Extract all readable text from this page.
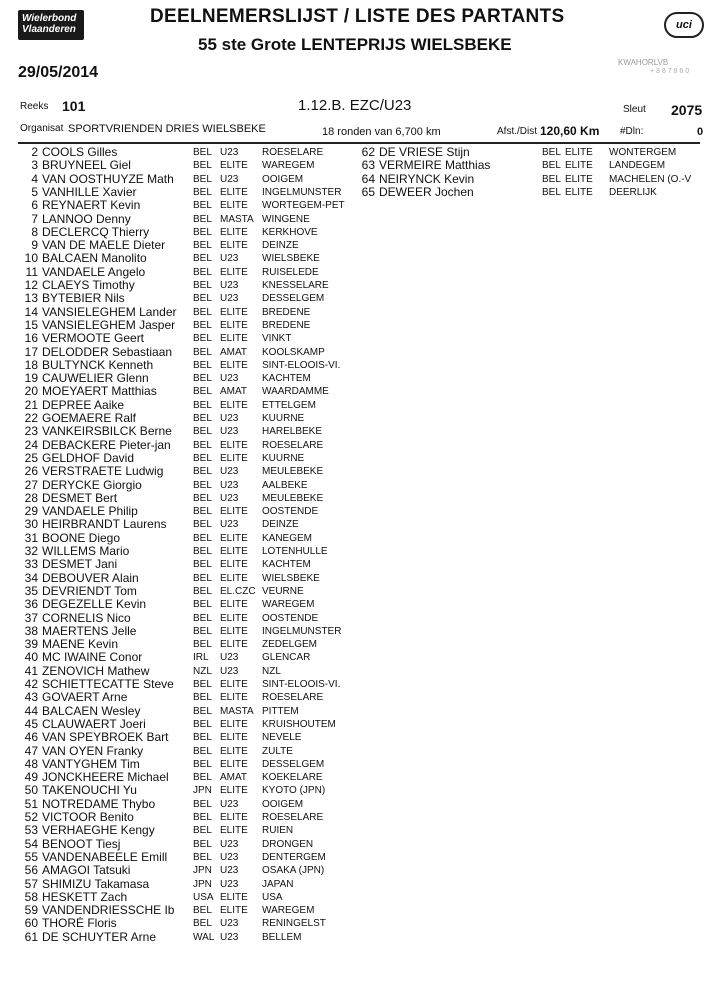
Wielerbond
Vlaanderen
DEELNEMERSLIJST / LISTE DES PARTANTS
55 ste Grote LENTEPRIJS WIELSBEKE
29/05/2014
uci
KWAHORLVB
+ 3 8 7 8 6 0
Reeks 101	1.12.B. EZC/U23	Sleut 2075
Organisat SPORTVRIENDEN DRIES WIELSBEKE	18 ronden van 6,700 km	Afst./Dist 120,60 Km #Dln:	0
2 COOLS Gilles	BEL U23 ROESELARE
3 BRUYNEEL Giel	BEL ELITE WAREGEM
4 VAN OOSTHUYZE Math	BEL U23 OOIGEM
5 VANHILLE Xavier	BEL ELITE INGELMUNSTER
6 REYNAERT Kevin	BEL ELITE WORTEGEM-PET
7 LANNOO Denny	BEL MASTA WINGENE
8 DECLERCQ Thierry	BEL ELITE KERKHOVE
9 VAN DE MAELE Dieter	BEL ELITE DEINZE
10 BALCAEN Manolito	BEL U23 WIELSBEKE
11 VANDAELE Angelo	BEL ELITE RUISELEDE
12 CLAEYS Timothy	BEL U23 KNESSELARE
13 BYTEBIER Nils	BEL U23 DESSELGEM
14 VANSIELEGHEM Lander	BEL ELITE BREDENE
15 VANSIELEGHEM Jasper	BEL ELITE BREDENE
16 VERMOOTE Geert	BEL ELITE VINKT
17 DELODDER Sebastiaan	BEL AMAT KOOLSKAMP
18 BULTYNCK Kenneth	BEL ELITE SINT-ELOOIS-VI.
19 CAUWELIER Glenn	BEL U23 KACHTEM
20 MOEYAERT Matthias	BEL AMAT WAARDAMME
21 DEPREE Aaike	BEL ELITE ETTELGEM
22 GOEMAERE Ralf	BEL U23 KUURNE
23 VANKEIRSBILCK Berne	BEL U23 HARELBEKE
24 DEBACKERE Pieter-jan	BEL ELITE ROESELARE
25 GELDHOF David	BEL ELITE KUURNE
26 VERSTRAETE Ludwig	BEL U23 MEULEBEKE
27 DERYCKE Giorgio	BEL U23 AALBEKE
28 DESMET Bert	BEL U23 MEULEBEKE
29 VANDAELE Philip	BEL ELITE OOSTENDE
30 HEIRBRANDT Laurens	BEL U23 DEINZE
31 BOONE Diego	BEL ELITE KANEGEM
32 WILLEMS Mario	BEL ELITE LOTENHULLE
33 DESMET Jani	BEL ELITE KACHTEM
34 DEBOUVER Alain	BEL ELITE WIELSBEKE
35 DEVRIENDT Tom	BEL EL.CZC VEURNE
36 DEGEZELLE Kevin	BEL ELITE WAREGEM
37 CORNELIS Nico	BEL ELITE OOSTENDE
38 MAERTENS Jelle	BEL ELITE INGELMUNSTER
39 MAENE Kevin	BEL ELITE ZEDELGEM
40 MC IWAINE Conor	IRL U23 GLENCAR
41 ZENOVICH Mathew	NZL U23 NZL
42 SCHIETTECATTE Steve	BEL ELITE SINT-ELOOIS-VI.
43 GOVAERT Arne	BEL ELITE ROESELARE
44 BALCAEN Wesley	BEL MASTA PITTEM
45 CLAUWAERT Joeri	BEL ELITE KRUISHOUTEM
46 VAN SPEYBROEK Bart	BEL ELITE NEVELE
47 VAN OYEN Franky	BEL ELITE ZULTE
48 VANTYGHEM Tim	BEL ELITE DESSELGEM
49 JONCKHEERE Michael	BEL AMAT KOEKELARE
50 TAKENOUCHI Yu	JPN ELITE KYOTO (JPN)
51 NOTREDAME Thybo	BEL U23 OOIGEM
52 VICTOOR Benito	BEL ELITE ROESELARE
53 VERHAEGHE Kengy	BEL ELITE RUIEN
54 BENOOT Tiesj	BEL U23 DRONGEN
55 VANDENABEELE Emill	BEL U23 DENTERGEM
56 AMAGOI Tatsuki	JPN U23 OSAKA (JPN)
57 SHIMIZU Takamasa	JPN U23 JAPAN
58 HESKETT Zach	USA ELITE USA
59 VANDENDRIESSCHE Ib	BEL ELITE WAREGEM
60 THORÉ Floris	BEL U23 RENINGELST
61 DE SCHUYTER Arne	WAL U23 BELLEM
62 DE VRIESE Stijn	BEL ELITE WONTERGEM
63 VERMEIRE Matthias	BEL ELITE LANDEGEM
64 NEIRYNCK Kevin	BEL ELITE MACHELEN (O.-V
65 DEWEER Jochen	BEL ELITE DEERLIJK
